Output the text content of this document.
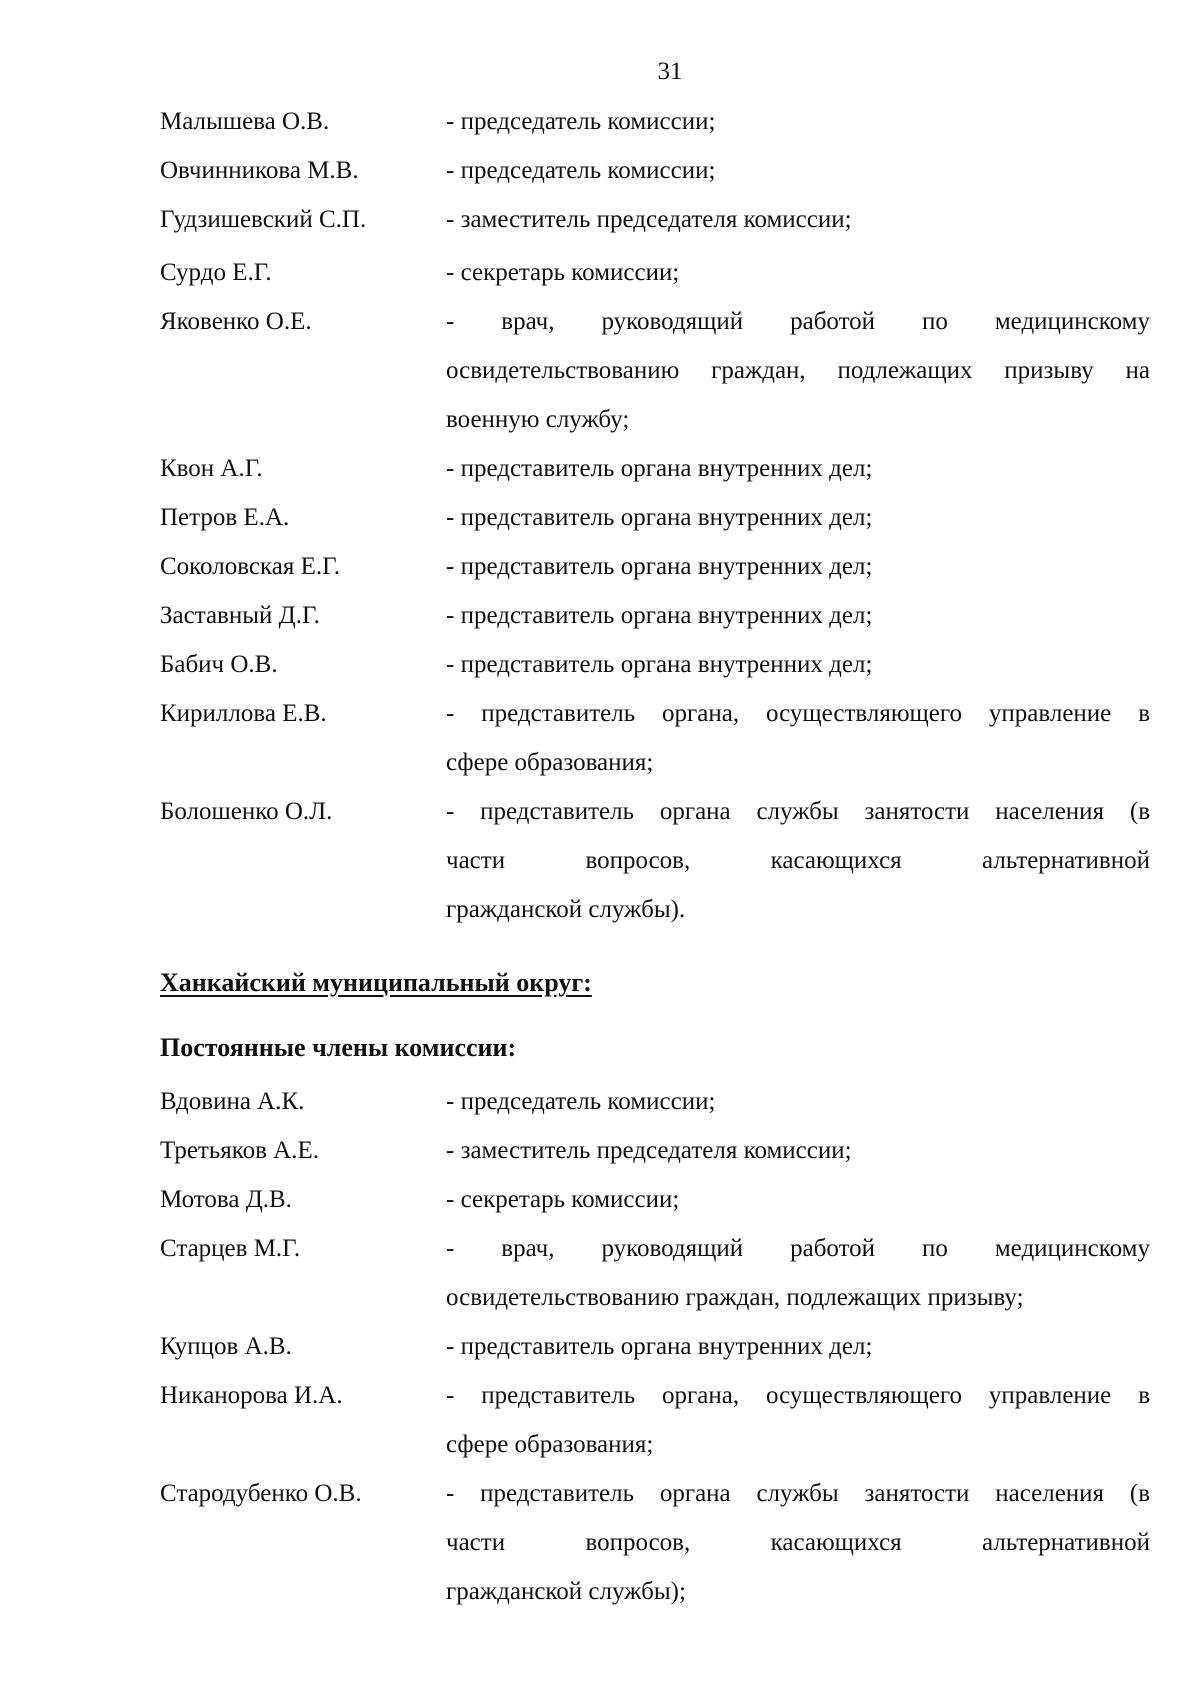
31
Малышева О.В.	- председатель комиссии;
Овчинникова М.В.	- председатель комиссии;
Гудзишевский С.П.	- заместитель председателя комиссии;
Сурдо Е.Г.	- секретарь комиссии;
Яковенко О.Е.	- врач, руководящий работой по медицинскому
освидетельствованию граждан, подлежащих призыву на
военную службу;
Квон А.Г.	- представитель органа внутренних дел;
Петров Е.А.	- представитель органа внутренних дел;
Соколовская Е.Г.	- представитель органа внутренних дел;
Заставный Д.Г.	- представитель органа внутренних дел;
Бабич О.В.	- представитель органа внутренних дел;
Кириллова Е.В.	- представитель органа, осуществляющего управление в
сфере образования;
Болошенко О.Л.	- представитель органа службы занятости населения (в
части вопросов, касающихся альтернативной
гражданской службы).
Ханкайский муниципальный округ:
Постоянные члены комиссии:
Вдовина А.К.	- председатель комиссии;
Третьяков А.Е.	- заместитель председателя комиссии;
Мотова Д.В.	- секретарь комиссии;
Старцев М.Г.	- врач, руководящий работой по медицинскому
освидетельствованию граждан, подлежащих призыву;
Купцов А.В.	- представитель органа внутренних дел;
Никанорова И.А.	- представитель органа, осуществляющего управление в
сфере образования;
Стародубенко О.В.	- представитель органа службы занятости населения (в
части вопросов, касающихся альтернативной
гражданской службы);
